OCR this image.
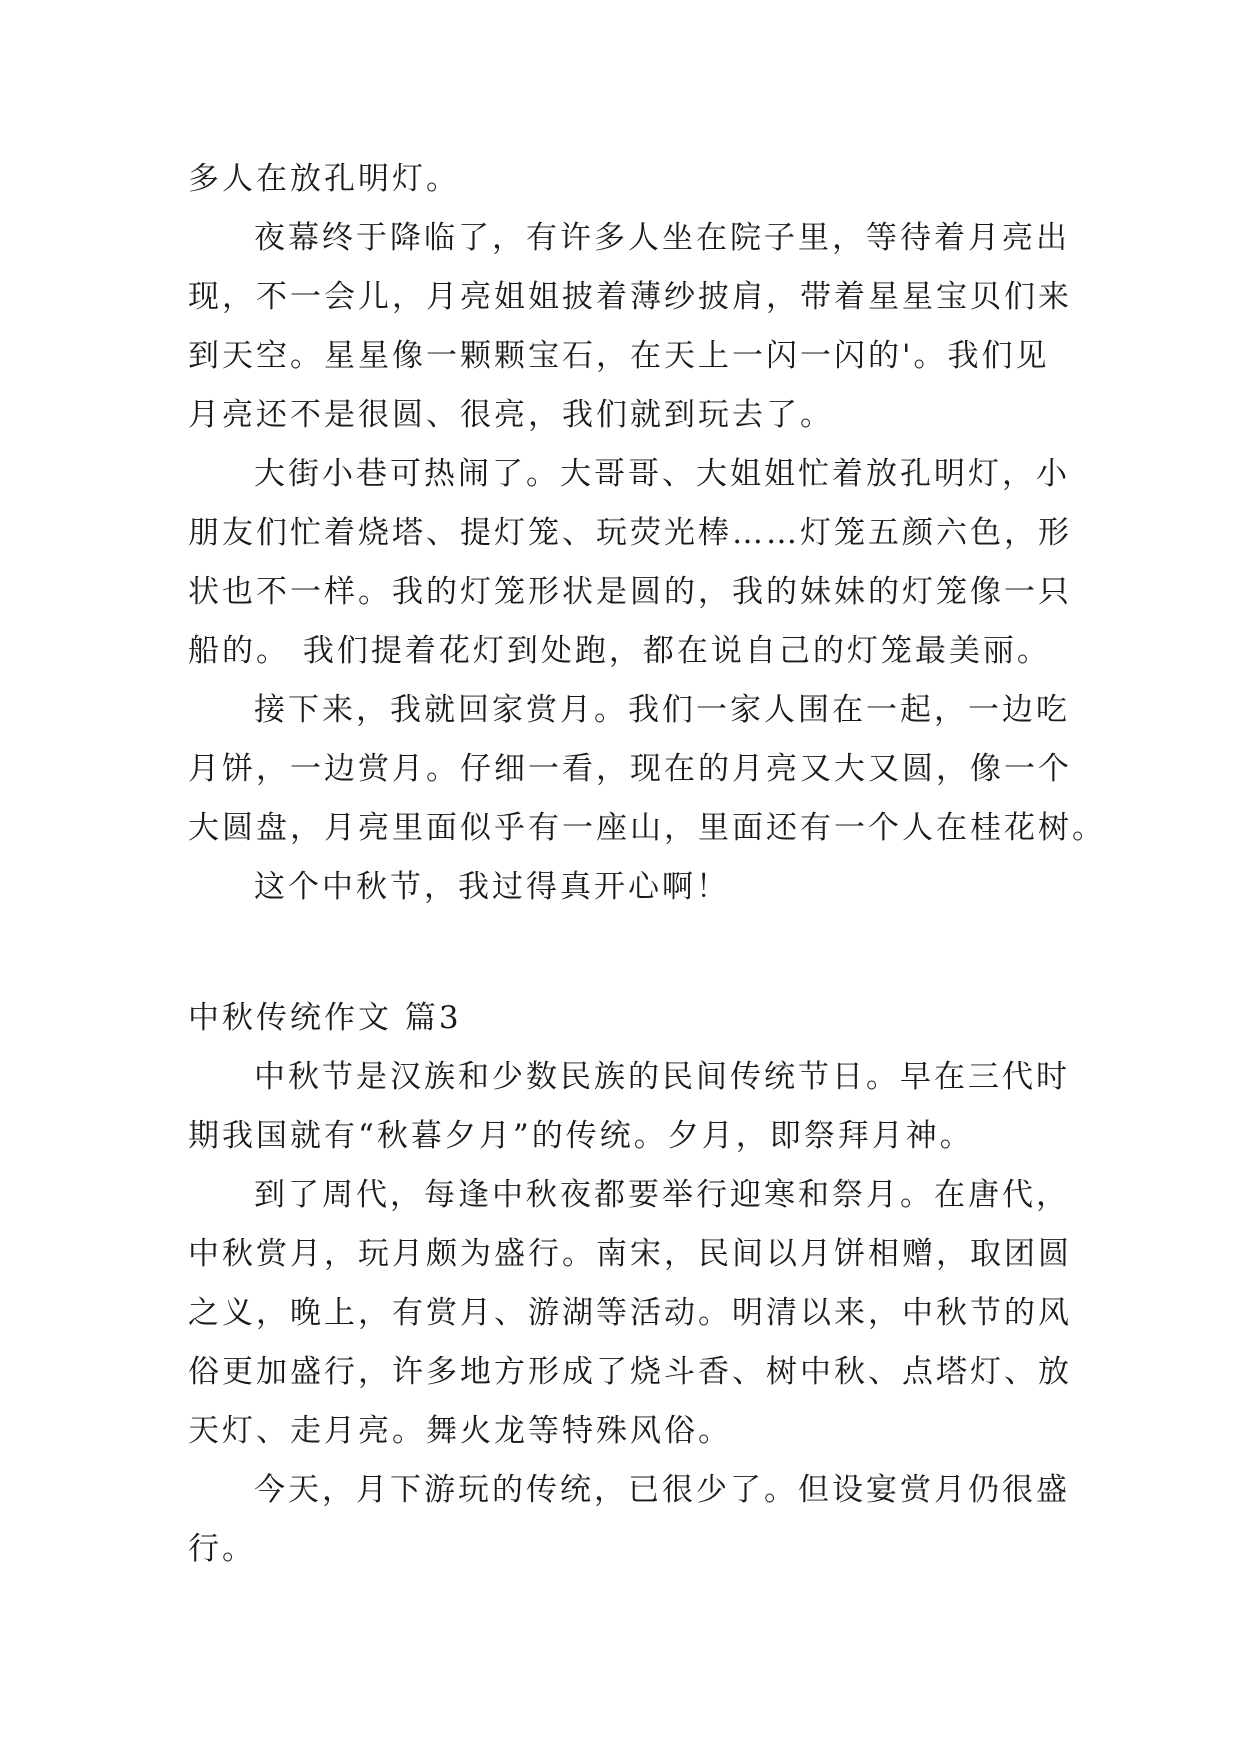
多人在放孔明灯。
夜幕终于降临了，有许多人坐在院子里，等待着月亮出
现，不一会儿，月亮姐姐披着薄纱披肩，带着星星宝贝们来
到天空。星星像一颗颗宝石，在天上一闪一闪的'。我们见
月亮还不是很圆、很亮，我们就到玩去了。
大街小巷可热闹了。大哥哥、大姐姐忙着放孔明灯，小
朋友们忙着烧塔、提灯笼、玩荧光棒……灯笼五颜六色，形
状也不一样。我的灯笼形状是圆的，我的妹妹的灯笼像一只
船的。 我们提着花灯到处跑，都在说自己的灯笼最美丽。
接下来，我就回家赏月。我们一家人围在一起，一边吃
月饼，一边赏月。仔细一看，现在的月亮又大又圆，像一个
大圆盘，月亮里面似乎有一座山，里面还有一个人在桂花树。
这个中秋节，我过得真开心啊！
中秋传统作文 篇3
中秋节是汉族和少数民族的民间传统节日。早在三代时
期我国就有“秋暮夕月”的传统。夕月，即祭拜月神。
到了周代，每逢中秋夜都要举行迎寒和祭月。在唐代，
中秋赏月，玩月颇为盛行。南宋，民间以月饼相赠，取团圆
之义，晚上，有赏月、游湖等活动。明清以来，中秋节的风
俗更加盛行，许多地方形成了烧斗香、树中秋、点塔灯、放
天灯、走月亮。舞火龙等特殊风俗。
今天，月下游玩的传统，已很少了。但设宴赏月仍很盛
行。
